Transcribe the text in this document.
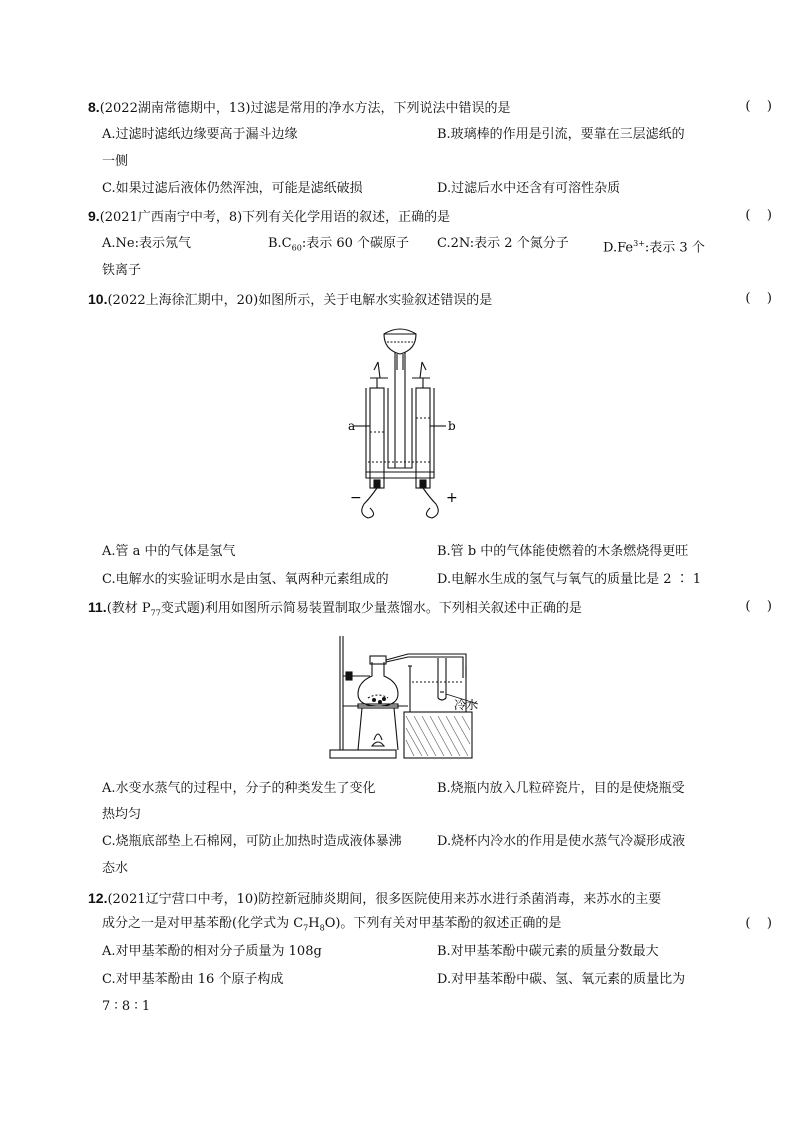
8.(2022湖南常德期中，13)过滤是常用的净水方法，下列说法中错误的是	(    )
A.过滤时滤纸边缘要高于漏斗边缘	B.玻璃棒的作用是引流，要靠在三层滤纸的
一侧
C.如果过滤后液体仍然浑浊，可能是滤纸破损	D.过滤后水中还含有可溶性杂质
9.(2021广西南宁中考，8)下列有关化学用语的叙述，正确的是	(    )
A.Ne:表示氖气	$B.C_{60}$:表示 60 个碳原子 C.2N:表示 2 个氮分子	$D.Fe^{3+}$:表示 3 个
铁离子
10.(2022上海徐汇期中，20)如图所示，关于电解水实验叙述错误的是	(    )
a	b
−	+
A.管 a 中的气体是氢气	B.管 b 中的气体能使燃着的木条燃烧得更旺
C.电解水的实验证明水是由氢、氧两种元素组成的	D.电解水生成的氢气与氧气的质量比是 2 ∶ 1
11.(教材 $P_{77}$变式题)利用如图所示简易装置制取少量蒸馏水。下列相关叙述中正确的是	(    )
冷水
A.水变水蒸气的过程中，分子的种类发生了变化	B.烧瓶内放入几粒碎瓷片，目的是使烧瓶受
热均匀
C.烧瓶底部垫上石棉网，可防止加热时造成液体暴沸	D.烧杯内冷水的作用是使水蒸气冷凝形成液
态水
12.(2021辽宁营口中考，10)防控新冠肺炎期间，很多医院使用来苏水进行杀菌消毒，来苏水的主要
成分之一是对甲基苯酚(化学式为 $C_7H_8O$)。下列有关对甲基苯酚的叙述正确的是	(    )
A.对甲基苯酚的相对分子质量为 108g	B.对甲基苯酚中碳元素的质量分数最大
C.对甲基苯酚由 16 个原子构成	D.对甲基苯酚中碳、氢、氧元素的质量比为
7 ∶ 8 ∶ 1
